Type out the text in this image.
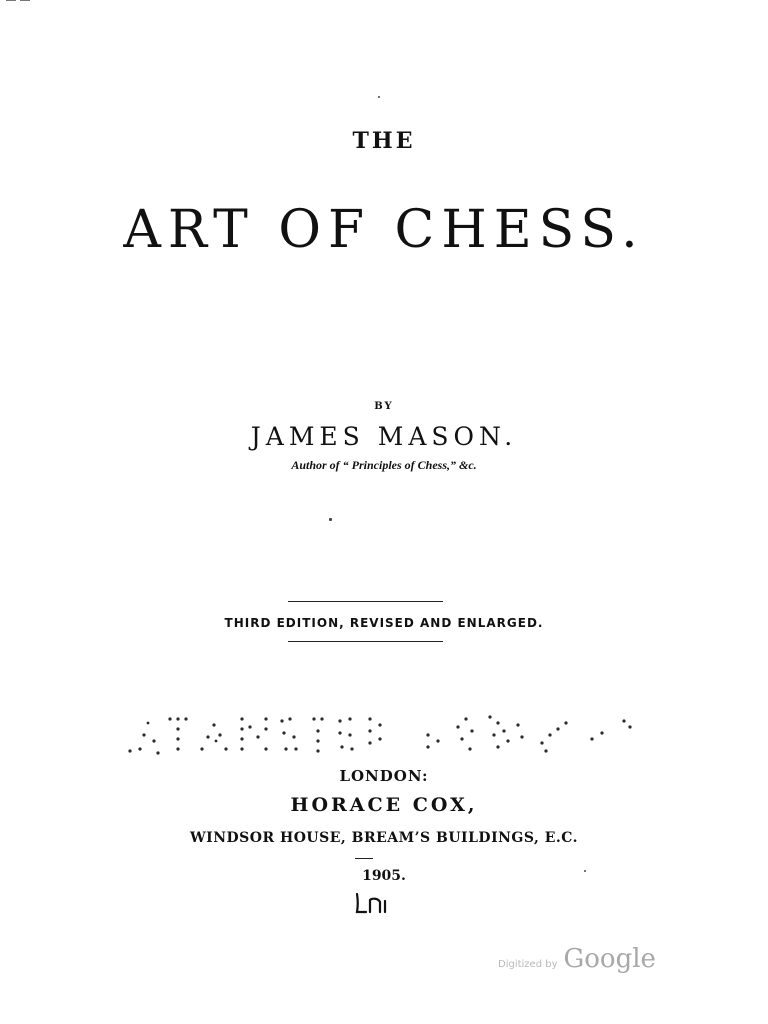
THE
ART OF CHESS.
BY
JAMES MASON.
Author of “ Principles of Chess,” &c.
THIRD EDITION, REVISED AND ENLARGED.
LONDON:
HORACE COX,
WINDSOR HOUSE, BREAM’S BUILDINGS, E.C.
1905.
Digitized by Google
